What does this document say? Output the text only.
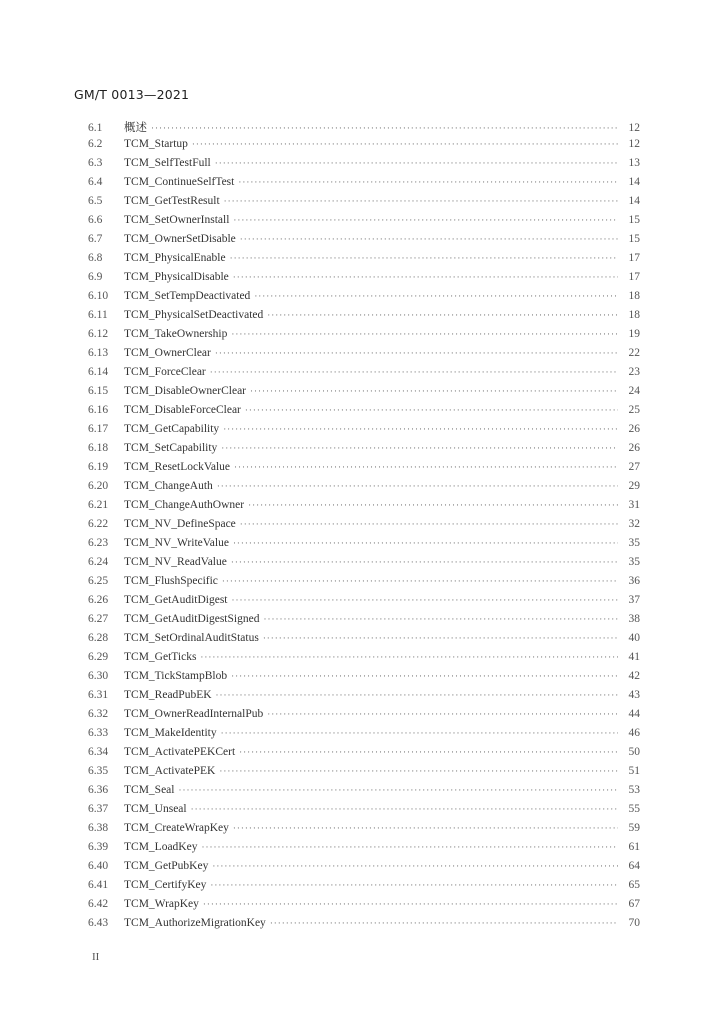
GM/T 0013—2021
6.1	概述 ·····	12
6.2	TCM_Startup ·····	12
6.3	TCM_SelfTestFull ·····	13
6.4	TCM_ContinueSelfTest ·····	14
6.5	TCM_GetTestResult ·····	14
6.6	TCM_SetOwnerInstall ·····	15
6.7	TCM_OwnerSetDisable ·····	15
6.8	TCM_PhysicalEnable ·····	17
6.9	TCM_PhysicalDisable ·····	17
6.10	TCM_SetTempDeactivated ·····	18
6.11	TCM_PhysicalSetDeactivated ·····	18
6.12	TCM_TakeOwnership ·····	19
6.13	TCM_OwnerClear ·····	22
6.14	TCM_ForceClear ·····	23
6.15	TCM_DisableOwnerClear ·····	24
6.16	TCM_DisableForceClear ·····	25
6.17	TCM_GetCapability ·····	26
6.18	TCM_SetCapability ·····	26
6.19	TCM_ResetLockValue ·····	27
6.20	TCM_ChangeAuth ·····	29
6.21	TCM_ChangeAuthOwner ·····	31
6.22	TCM_NV_DefineSpace ·····	32
6.23	TCM_NV_WriteValue ·····	35
6.24	TCM_NV_ReadValue ·····	35
6.25	TCM_FlushSpecific ·····	36
6.26	TCM_GetAuditDigest ·····	37
6.27	TCM_GetAuditDigestSigned ·····	38
6.28	TCM_SetOrdinalAuditStatus ·····	40
6.29	TCM_GetTicks ·····	41
6.30	TCM_TickStampBlob ·····	42
6.31	TCM_ReadPubEK ·····	43
6.32	TCM_OwnerReadInternalPub ·····	44
6.33	TCM_MakeIdentity ·····	46
6.34	TCM_ActivatePEKCert ·····	50
6.35	TCM_ActivatePEK ·····	51
6.36	TCM_Seal ·····	53
6.37	TCM_Unseal ·····	55
6.38	TCM_CreateWrapKey ·····	59
6.39	TCM_LoadKey ·····	61
6.40	TCM_GetPubKey ·····	64
6.41	TCM_CertifyKey ·····	65
6.42	TCM_WrapKey ·····	67
6.43	TCM_AuthorizeMigrationKey ·····	70
II
